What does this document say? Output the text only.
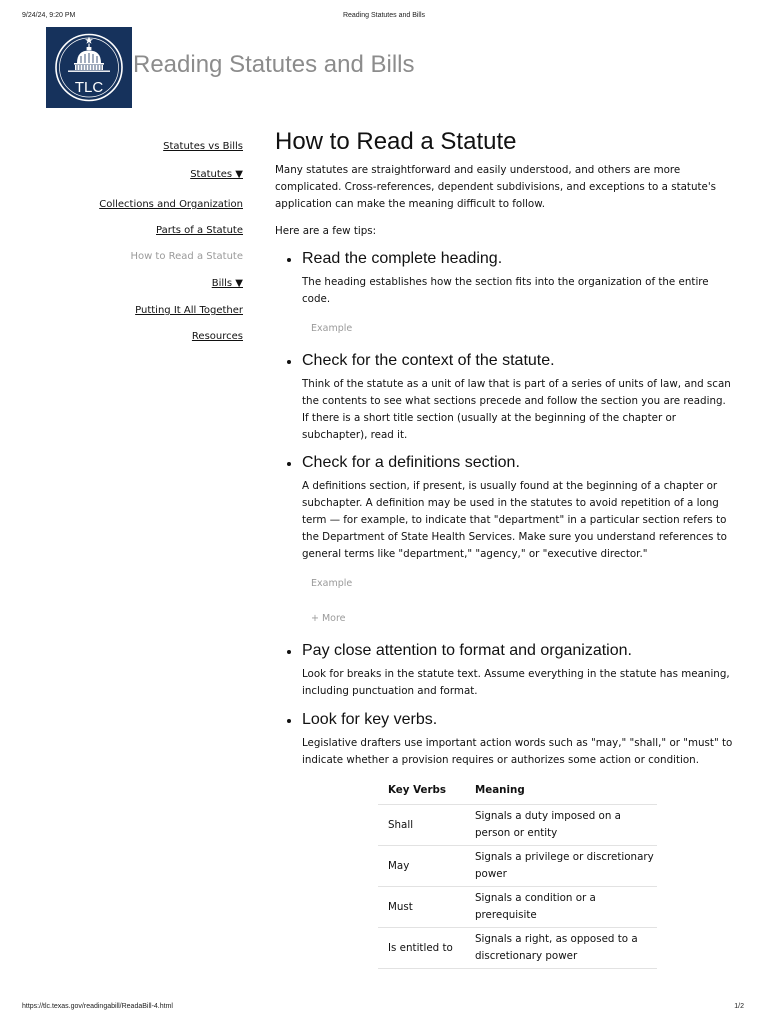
9/24/24, 9:20 PM	Reading Statutes and Bills
TLC
Reading Statutes and Bills
Statutes vs Bills
Statutes ▼
Collections and Organization
Parts of a Statute
How to Read a Statute
Bills ▼
Putting It All Together
Resources
How to Read a Statute

Many statutes are straightforward and easily understood, and others are more complicated. Cross-references, dependent subdivisions, and exceptions to a statute's application can make the meaning difficult to follow.

Here are a few tips:

Read the complete heading.

The heading establishes how the section fits into the organization of the entire code.

Example
Check for the context of the statute.

Think of the statute as a unit of law that is part of a series of units of law, and scan the contents to see what sections precede and follow the section you are reading. If there is a short title section (usually at the beginning of the chapter or subchapter), read it.

Check for a definitions section.

A definitions section, if present, is usually found at the beginning of a chapter or subchapter. A definition may be used in the statutes to avoid repetition of a long term — for example, to indicate that "department" in a particular section refers to the Department of State Health Services. Make sure you understand references to general terms like "department," "agency," or "executive director."

Example
+ More
Pay close attention to format and organization.

Look for breaks in the statute text. Assume everything in the statute has meaning, including punctuation and format.

Look for key verbs.

Legislative drafters use important action words such as "may," "shall," or "must" to indicate whether a provision requires or authorizes some action or condition.

Key Verbs	Meaning
Shall	Signals a duty imposed on a person or entity
May	Signals a privilege or discretionary power
Must	Signals a condition or a prerequisite
Is entitled to	Signals a right, as opposed to a discretionary power
https://tlc.texas.gov/readingabill/ReadaBill-4.html	1/2
